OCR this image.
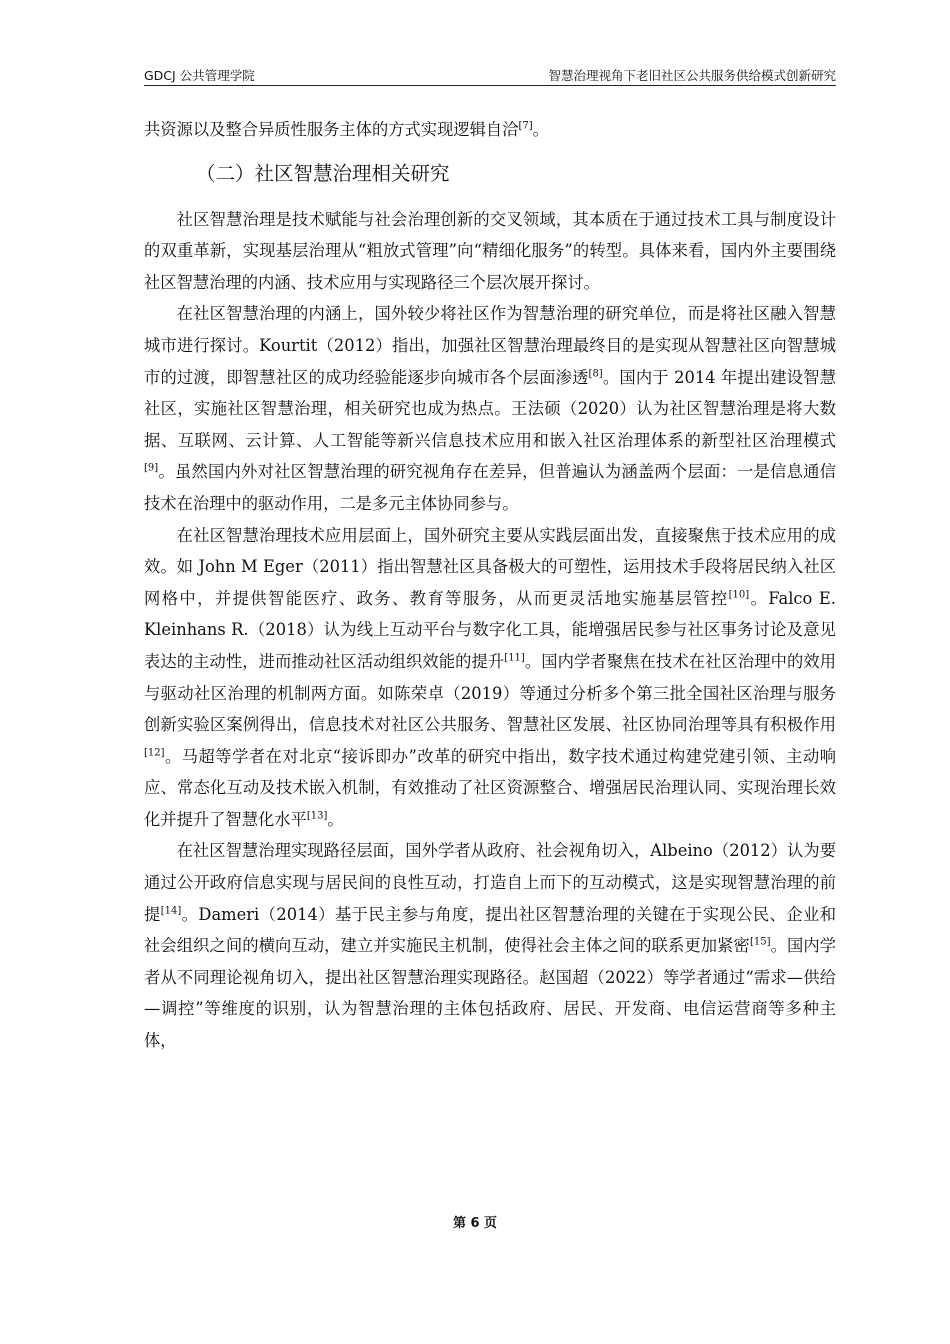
GDCJ 公共管理学院	智慧治理视角下老旧社区公共服务供给模式创新研究

共资源以及整合异质性服务主体的方式实现逻辑自洽[7]。

（二）社区智慧治理相关研究

社区智慧治理是技术赋能与社会治理创新的交叉领域，其本质在于通过技术工具与制度设计的双重革新，实现基层治理从“粗放式管理”向“精细化服务”的转型。具体来看，国内外主要围绕社区智慧治理的内涵、技术应用与实现路径三个层次展开探讨。

在社区智慧治理的内涵上，国外较少将社区作为智慧治理的研究单位，而是将社区融入智慧城市进行探讨。Kourtit（2012）指出，加强社区智慧治理最终目的是实现从智慧社区向智慧城市的过渡，即智慧社区的成功经验能逐步向城市各个层面渗透[8]。国内于 2014 年提出建设智慧社区，实施社区智慧治理，相关研究也成为热点。王法硕（2020）认为社区智慧治理是将大数据、互联网、云计算、人工智能等新兴信息技术应用和嵌入社区治理体系的新型社区治理模式[9]。虽然国内外对社区智慧治理的研究视角存在差异，但普遍认为涵盖两个层面：一是信息通信技术在治理中的驱动作用，二是多元主体协同参与。

在社区智慧治理技术应用层面上，国外研究主要从实践层面出发，直接聚焦于技术应用的成效。如 John M Eger（2011）指出智慧社区具备极大的可塑性，运用技术手段将居民纳入社区网格中，并提供智能医疗、政务、教育等服务，从而更灵活地实施基层管控[10]。Falco E. Kleinhans R.（2018）认为线上互动平台与数字化工具，能增强居民参与社区事务讨论及意见表达的主动性，进而推动社区活动组织效能的提升[11]。国内学者聚焦在技术在社区治理中的效用与驱动社区治理的机制两方面。如陈荣卓（2019）等通过分析多个第三批全国社区治理与服务创新实验区案例得出，信息技术对社区公共服务、智慧社区发展、社区协同治理等具有积极作用[12]。马超等学者在对北京“接诉即办”改革的研究中指出，数字技术通过构建党建引领、主动响应、常态化互动及技术嵌入机制，有效推动了社区资源整合、增强居民治理认同、实现治理长效化并提升了智慧化水平[13]。

在社区智慧治理实现路径层面，国外学者从政府、社会视角切入，Albeino（2012）认为要通过公开政府信息实现与居民间的良性互动，打造自上而下的互动模式，这是实现智慧治理的前提[14]。Dameri（2014）基于民主参与角度，提出社区智慧治理的关键在于实现公民、企业和社会组织之间的横向互动，建立并实施民主机制，使得社会主体之间的联系更加紧密[15]。国内学者从不同理论视角切入，提出社区智慧治理实现路径。赵国超（2022）等学者通过“需求—供给—调控”等维度的识别，认为智慧治理的主体包括政府、居民、开发商、电信运营商等多种主体，

第 6 页
